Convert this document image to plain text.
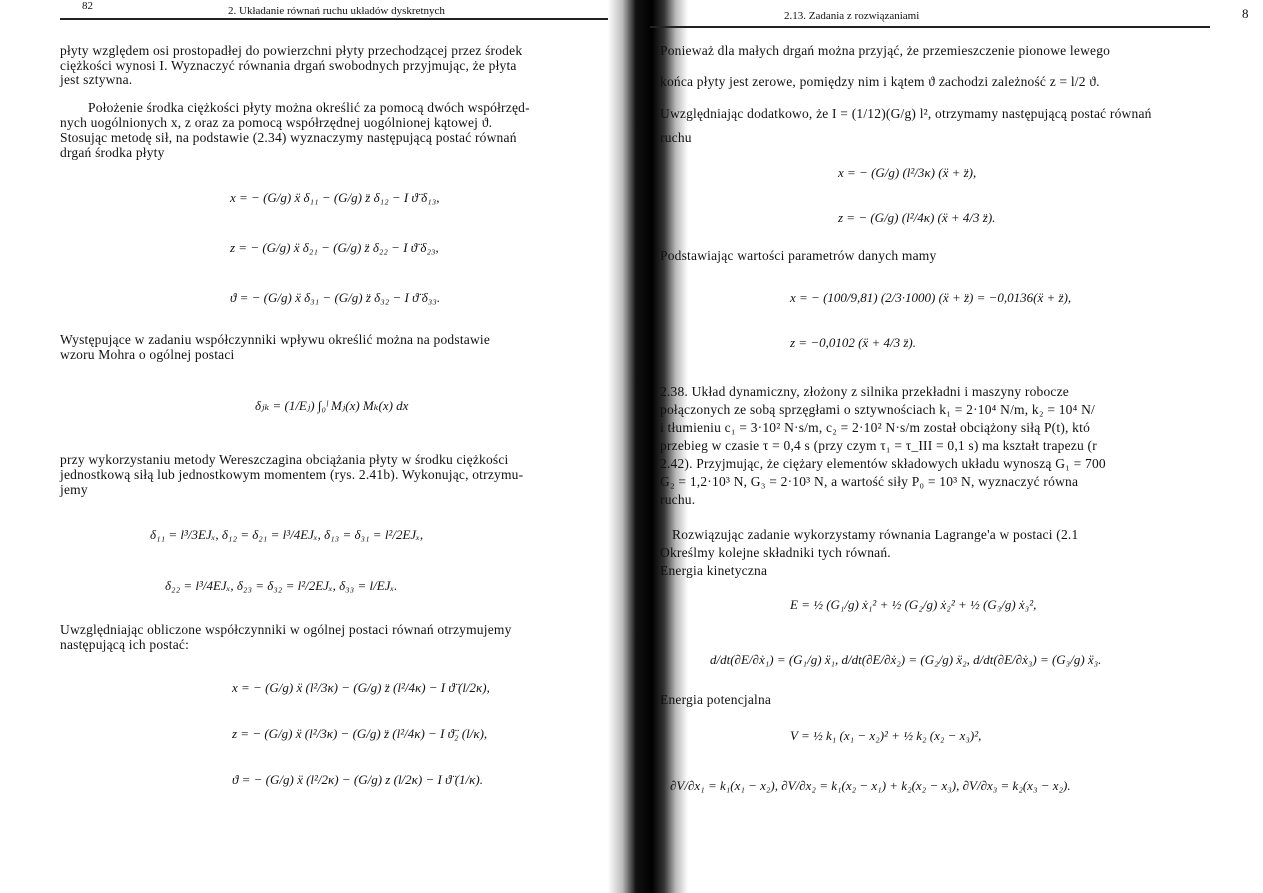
82	2. Układanie równań ruchu układów dyskretnych
płyty względem osi prostopadłej do powierzchni płyty przechodzącej przez środek
ciężkości wynosi I. Wyznaczyć równania drgań swobodnych przyjmując, że płyta
jest sztywna.
Położenie środka ciężkości płyty można określić za pomocą dwóch współrzęd-
nych uogólnionych x, z oraz za pomocą współrzędnej uogólnionej kątowej ϑ.
Stosując metodę sił, na podstawie (2.34) wyznaczymy następującą postać równań
drgań środka płyty
x = − (G/g) ẍ δ₁₁ − (G/g) z̈ δ₁₂ − I ϑ̈ δ₁₃,
z = − (G/g) ẍ δ₂₁ − (G/g) z̈ δ₂₂ − I ϑ̈ δ₂₃,
ϑ = − (G/g) ẍ δ₃₁ − (G/g) z̈ δ₃₂ − I ϑ̈ δ₃₃.
Występujące w zadaniu współczynniki wpływu określić można na podstawie
wzoru Mohra o ogólnej postaci
δⱼₖ = (1/Eⱼ) ∫₀ˡ Mⱼ(x) Mₖ(x) dx
przy wykorzystaniu metody Wereszczagina obciążania płyty w środku ciężkości
jednostkową siłą lub jednostkowym momentem (rys. 2.41b). Wykonując, otrzymu-
jemy
δ₁₁ = l³/3EJₓ, δ₁₂ = δ₂₁ = l³/4EJₓ, δ₁₃ = δ₃₁ = l²/2EJₓ,
δ₂₂ = l³/4EJₓ, δ₂₃ = δ₃₂ = l²/2EJₓ, δ₃₃ = l/EJₓ.
Uwzględniając obliczone współczynniki w ogólnej postaci równań otrzymujemy
następującą ich postać:
x = − (G/g) ẍ (l²/3κ) − (G/g) z̈ (l²/4κ) − I ϑ̈ (l/2κ),
z = − (G/g) ẍ (l²/3κ) − (G/g) z̈ (l²/4κ) − I ϑ̈₂ (l/κ),
ϑ = − (G/g) ẍ (l²/2κ) − (G/g) z (l/2κ) − I ϑ̈ (1/κ).
2.13. Zadania z rozwiązaniami	8
Ponieważ dla małych drgań można przyjąć, że przemieszczenie pionowe lewego
końca płyty jest zerowe, pomiędzy nim i kątem ϑ zachodzi zależność z = l/2 ϑ.
Uwzględniając dodatkowo, że I = (1/12)(G/g) l², otrzymamy następującą postać równań
ruchu
x = − (G/g) (l²/3κ) (ẍ + z̈),
z = − (G/g) (l²/4κ) (ẍ + 4/3 z̈).
Podstawiając wartości parametrów danych mamy
x = − (100/9,81) (2/3·1000) (ẍ + z̈) = −0,0136(ẍ + z̈),
z = −0,0102 (ẍ + 4/3 z̈).
2.38. Układ dynamiczny, złożony z silnika przekładni i maszyny robocze
połączonych ze sobą sprzęgłami o sztywnościach k₁ = 2·10⁴ N/m, k₂ = 10⁴ N/
i tłumieniu c₁ = 3·10² N·s/m, c₂ = 2·10² N·s/m został obciążony siłą P(t), któ
przebieg w czasie τ = 0,4 s (przy czym τ₁ = τ_III = 0,1 s) ma kształt trapezu (r
2.42). Przyjmując, że ciężary elementów składowych układu wynoszą G₁ = 700
G₂ = 1,2·10³ N, G₃ = 2·10³ N, a wartość siły P₀ = 10³ N, wyznaczyć równa
ruchu.
Rozwiązując zadanie wykorzystamy równania Lagrange'a w postaci (2.1
Określmy kolejne składniki tych równań.
Energia kinetyczna
E = ½ (G₁/g) ẋ₁² + ½ (G₂/g) ẋ₂² + ½ (G₃/g) ẋ₃²,
d/dt(∂E/∂ẋ₁) = (G₁/g) ẍ₁, d/dt(∂E/∂ẋ₂) = (G₂/g) ẍ₂, d/dt(∂E/∂ẋ₃) = (G₃/g) ẍ₃.
Energia potencjalna
V = ½ k₁ (x₁ − x₂)² + ½ k₂ (x₂ − x₃)²,
∂V/∂x₁ = k₁(x₁ − x₂), ∂V/∂x₂ = k₁(x₂ − x₁) + k₂(x₂ − x₃), ∂V/∂x₃ = k₂(x₃ − x₂).
